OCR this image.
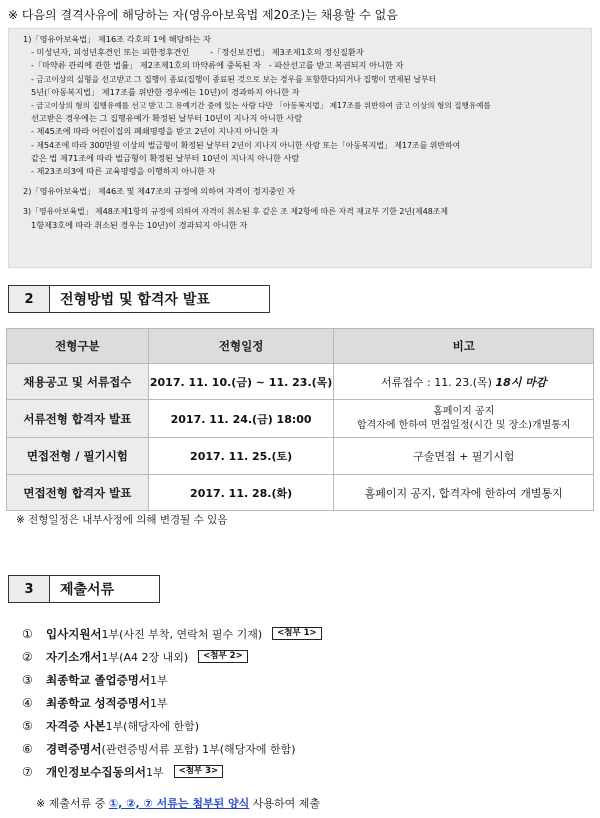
※ 다음의 결격사유에 해당하는 자(영유아보육법 제20조)는 채용할 수 없음
1)「영유아보육법」 제16조 각호의 1에 해당하는 자
- 미성년자, 피성년후견인 또는 피한정후견인	-「정신보건법」 제3조제1호의 정신질환자
-「마약류 관리에 관한 법률」 제2조제1호의 마약류에 중독된 자 - 파산선고를 받고 복권되지 아니한 자
- 금고이상의 실형을 선고받고 그 집행이 종료(집행이 종료된 것으로 보는 경우를 포함한다)되거나 집행이 면제된 날부터
5년(「아동복지법」 제17조를 위반한 경우에는 10년)이 경과하지 아니한 자
- 금고이상의 형의 집행유예를 선고 받고 그 유예기간 중에 있는 사람 다만 「아동복지법」 제17조를 위반하여 금고 이상의 형의 집행유예를
선고받은 경우에는 그 집행유예가 확정된 날부터 10년이 지나지 아니한 사람
- 제45조에 따라 어린이집의 폐쇄명령을 받고 2년이 지나지 아니한 자
- 제54조에 따라 300만원 이상의 벌금형이 확정된 날부터 2년이 지나지 아니한 사람 또는「아동복지법」 제17조를 위반하여
같은 법 제71조에 따라 벌금형이 확정된 날부터 10년이 지나지 아니한 사람
- 제23조의3에 따른 교육명령을 이행하지 아니한 자
2)「영유아보육법」 제46조 및 제47조의 규정에 의하여 자격이 정지중인 자
3)「영유아보육법」 제48조제1항의 규정에 의하여 자격이 취소된 후 같은 조 제2항에 따른 자격 재교부 기한 2년(제48조제
1항제3호에 따라 취소된 경우는 10년)이 경과되지 아니한 자
2	전형방법 및 합격자 발표
전형구분	전형일정	비고
채용공고 및 서류접수	2017. 11. 10.(금) ~ 11. 23.(목)	서류접수 : 11. 23.(목) 18시 마감
서류전형 합격자 발표	2017. 11. 24.(금) 18:00	홈페이지 공지
합격자에 한하여 면접일정(시간 및 장소)개별통지

면접전형 / 필기시험	2017. 11. 25.(토)	구술면접 + 필기시험
면접전형 합격자 발표	2017. 11. 28.(화)	홈페이지 공지, 합격자에 한하여 개별통지
※ 전형일정은 내부사정에 의해 변경될 수 있음
3	제출서류
①	입사지원서 1부(사진 부착, 연락처 필수 기재)	<첨부 1>
②	자기소개서 1부(A4 2장 내외)	<첨부 2>
③	최종학교 졸업증명서 1부
④	최종학교 성적증명서 1부
⑤	자격증 사본 1부(해당자에 한함)
⑥	경력증명서 (관련증빙서류 포함) 1부(해당자에 한함)
⑦	개인정보수집동의서 1부	<첨부 3>
※ 제출서류 중 ①, ②, ⑦ 서류는 첨부된 양식 사용하여 제출
